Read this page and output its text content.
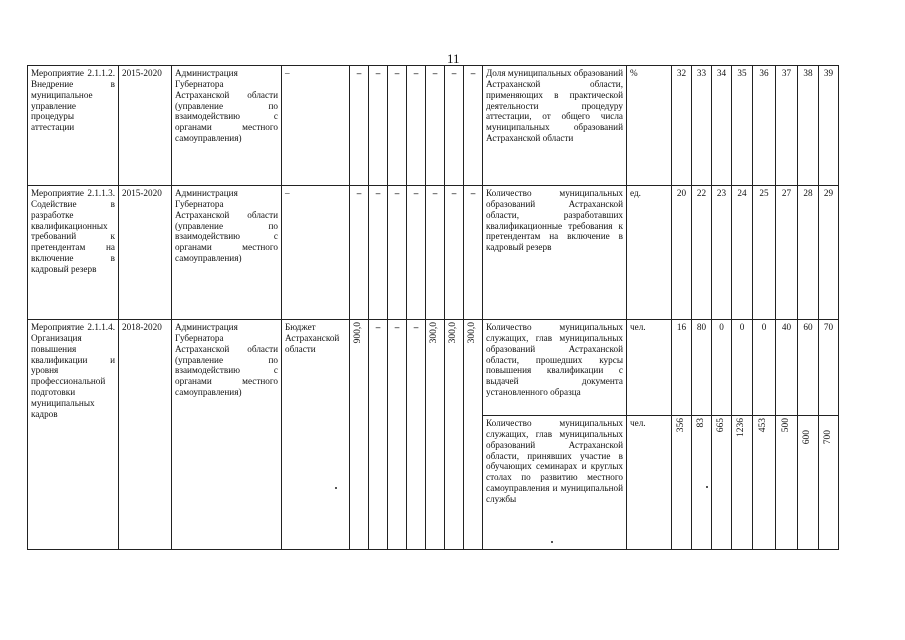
11
Мероприятие 2.1.1.2. Внедрение в муниципальное управление процедуры аттестации	2015-2020	Администрация Губернатора Астраханской области (управление по взаимодействию с органами местного самоуправления)	–	–	–	–	–	–	–	–	Доля муниципальных образований Астраханской области, применяющих в практической деятельности процедуру аттестации, от общего числа муниципальных образований Астраханской области	%	32	33	34	35	36	37	38	39
Мероприятие 2.1.1.3. Содействие в разработке квалификационных требований к претендентам на включение в кадровый резерв	2015-2020	Администрация Губернатора Астраханской области (управление по взаимодействию с органами местного самоуправления)	–	–	–	–	–	–	–	–	Количество муниципальных образований Астраханской области, разработавших квалификационные требования к претендентам на включение в кадровый резерв	ед.	20	22	23	24	25	27	28	29
Мероприятие 2.1.1.4. Организация повышения квалификации и уровня профессиональной подготовки муниципальных кадров	2018-2020	Администрация Губернатора Астраханской области (управление по взаимодействию с органами местного самоуправления)	Бюджет Астраханской области	900,0	–	–	–	300,0	300,0	300,0	Количество муниципальных служащих, глав муниципальных образований Астраханской области, прошедших курсы повышения квалификации с выдачей документа установленного образца	чел.	16	80	0	0	0	40	60	70
											Количество муниципальных служащих, глав муниципальных образований Астраханской области, принявших участие в обучающих семинарах и круглых столах по развитию местного самоуправления и муниципальной службы	чел.	356	83	665	1236	453	500	600	700
